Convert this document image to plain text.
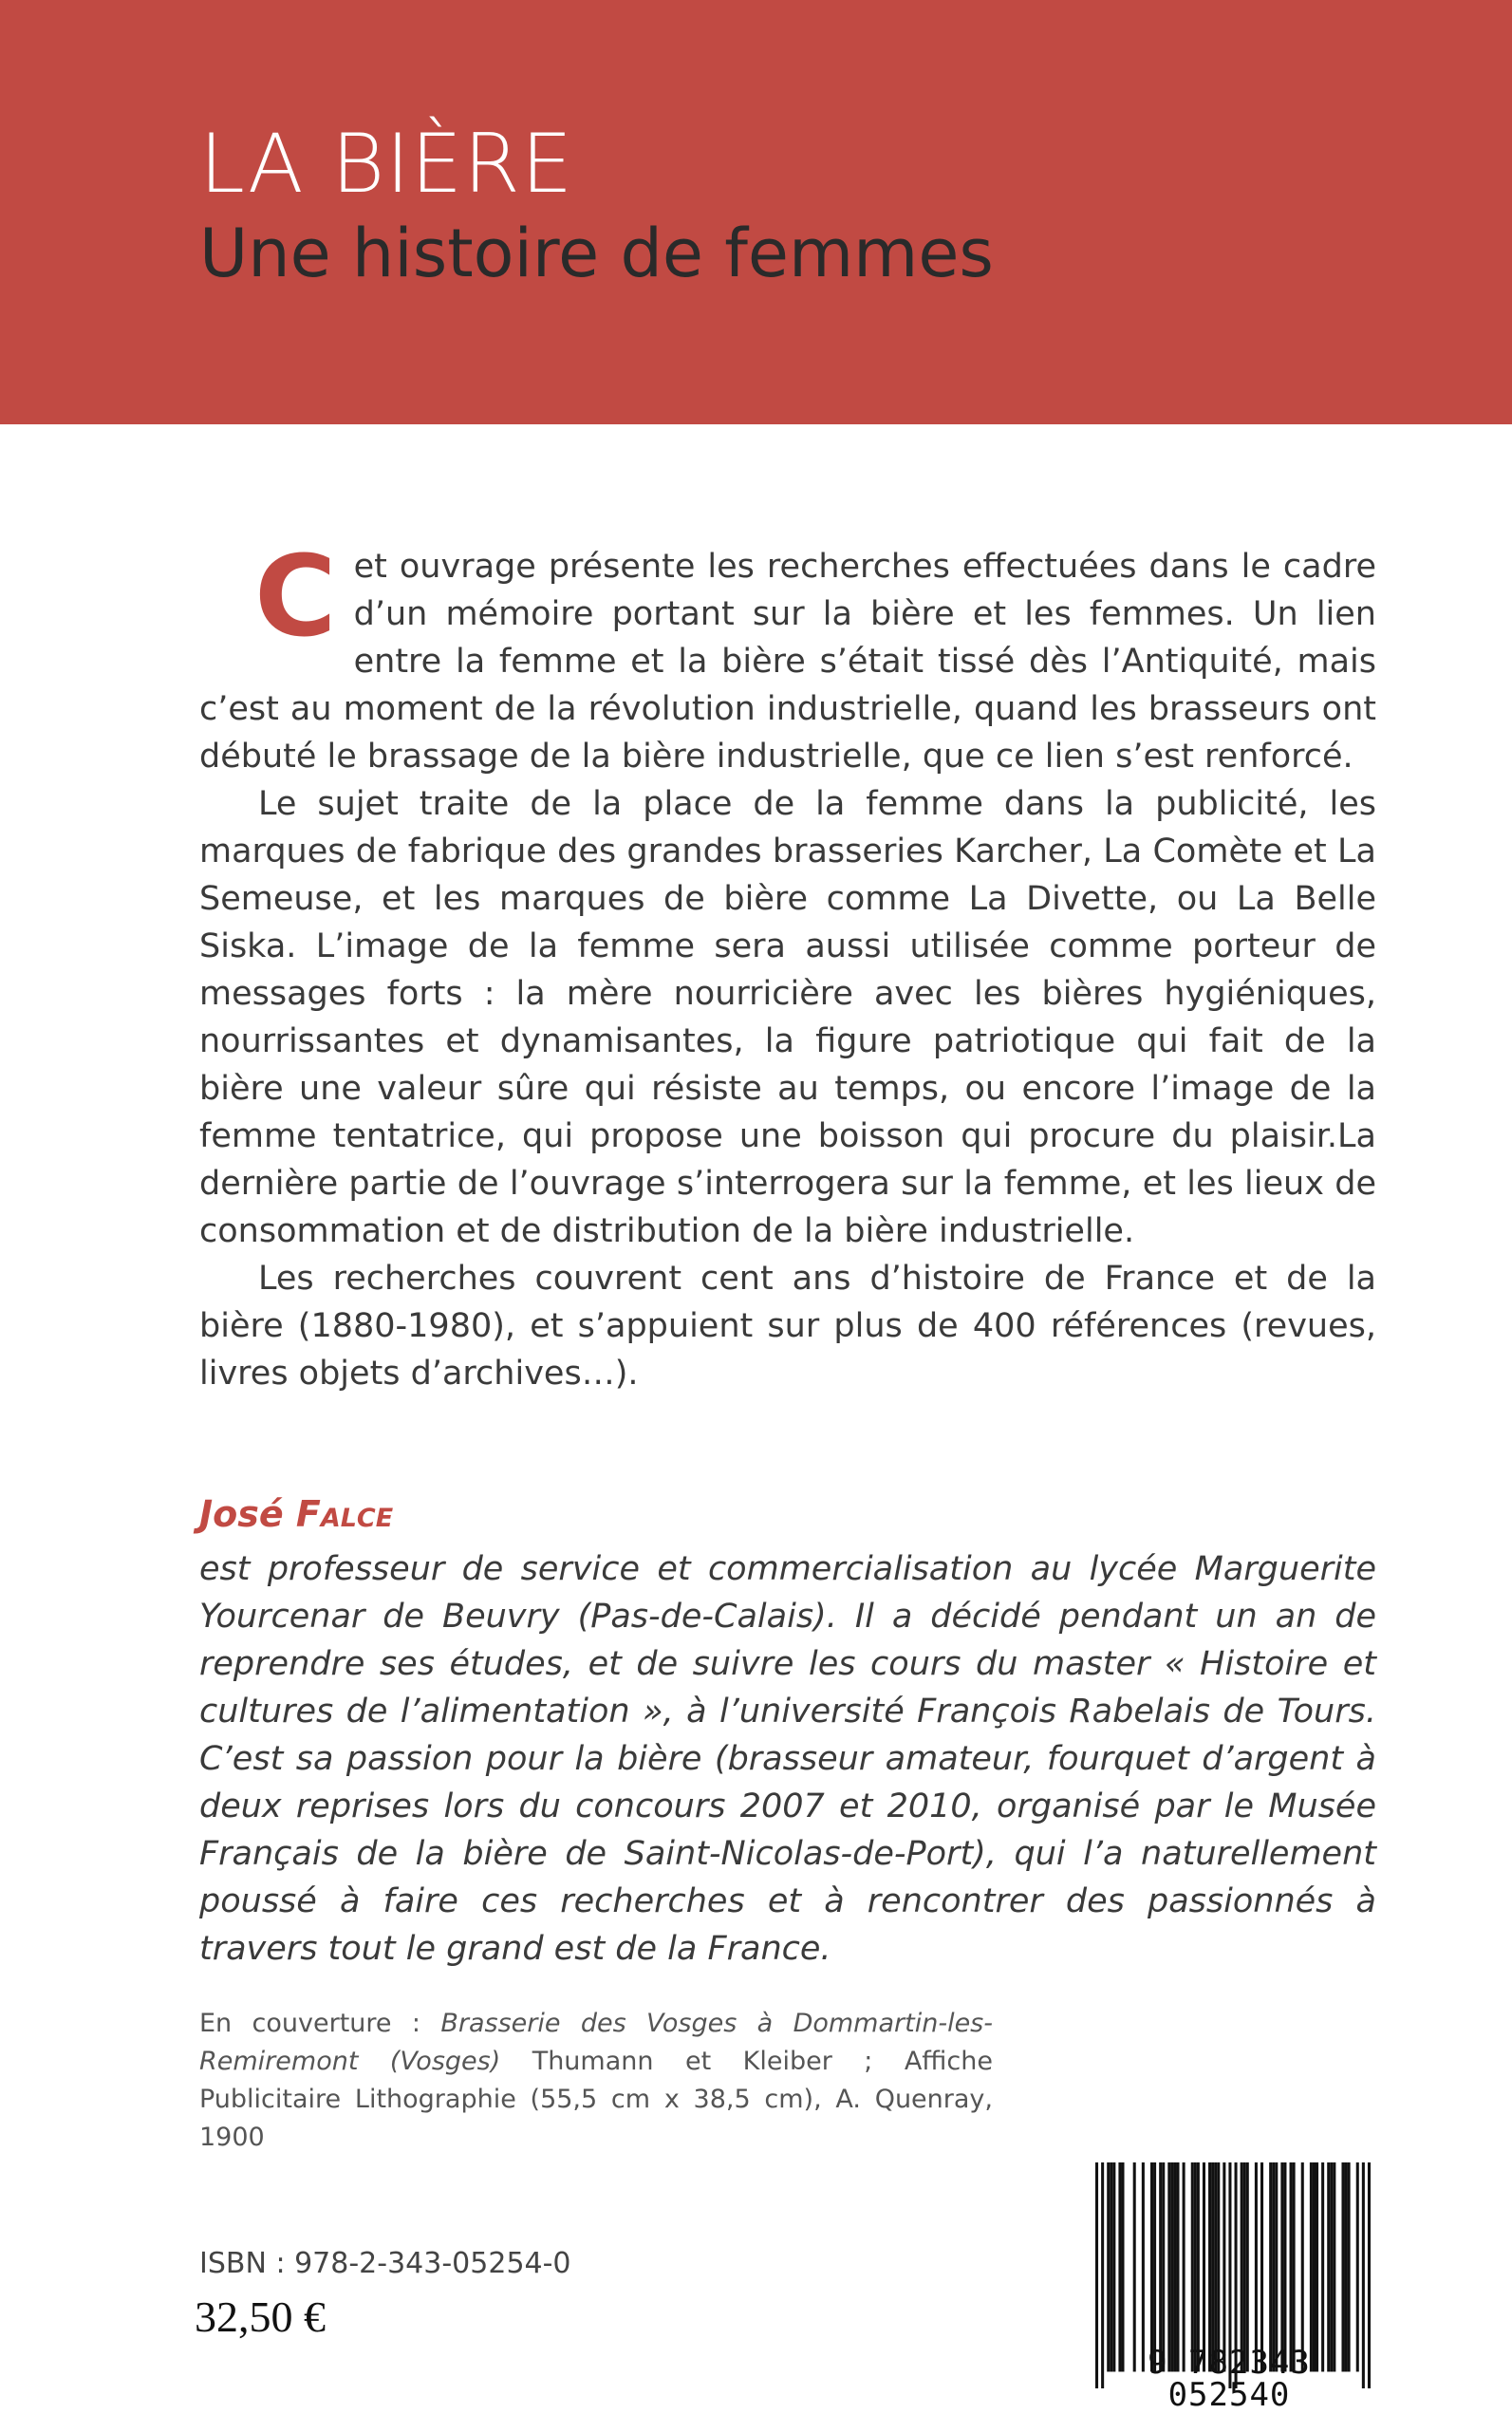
LA BIÈRE
Une histoire de femmes

Cet ouvrage présente les recherches effectuées dans le cadre d’un mémoire portant sur la bière et les femmes. Un lien entre la femme et la bière s’était tissé dès l’Antiquité, mais c’est au moment de la révolution industrielle, quand les brasseurs ont débuté le brassage de la bière industrielle, que ce lien s’est renforcé.

Le sujet traite de la place de la femme dans la publicité, les marques de fabrique des grandes brasseries Karcher, La Comète et La Semeuse, et les marques de bière comme La Divette, ou La Belle Siska. L’image de la femme sera aussi utilisée comme porteur de messages forts : la mère nourricière avec les bières hygiéniques, nourrissantes et dynamisantes, la figure patriotique qui fait de la bière une valeur sûre qui résiste au temps, ou encore l’image de la femme tentatrice, qui propose une boisson qui procure du plaisir.La dernière partie de l’ouvrage s’interrogera sur la femme, et les lieux de consommation et de distribution de la bière industrielle.

Les recherches couvrent cent ans d’histoire de France et de la bière (1880-1980), et s’appuient sur plus de 400 références (revues, livres objets d’archives…).

José Falce

est professeur de service et commercialisation au lycée Marguerite Yourcenar de Beuvry (Pas-de-Calais). Il a décidé pendant un an de reprendre ses études, et de suivre les cours du master « Histoire et cultures de l’alimentation », à l’université François Rabelais de Tours. C’est sa passion pour la bière (brasseur amateur, fourquet d’argent à deux reprises lors du concours 2007 et 2010, organisé par le Musée Français de la bière de Saint-Nicolas-de-Port), qui l’a naturellement poussé à faire ces recherches et à rencontrer des passionnés à travers tout le grand est de la France.

En couverture : Brasserie des Vosges à Dommartin-les-Remiremont (Vosges) Thumann et Kleiber ; Affiche Publicitaire Lithographie (55,5 cm x 38,5 cm), A. Quenray, 1900

ISBN : 978-2-343-05254-0
32,50 €
9 782343 052540
